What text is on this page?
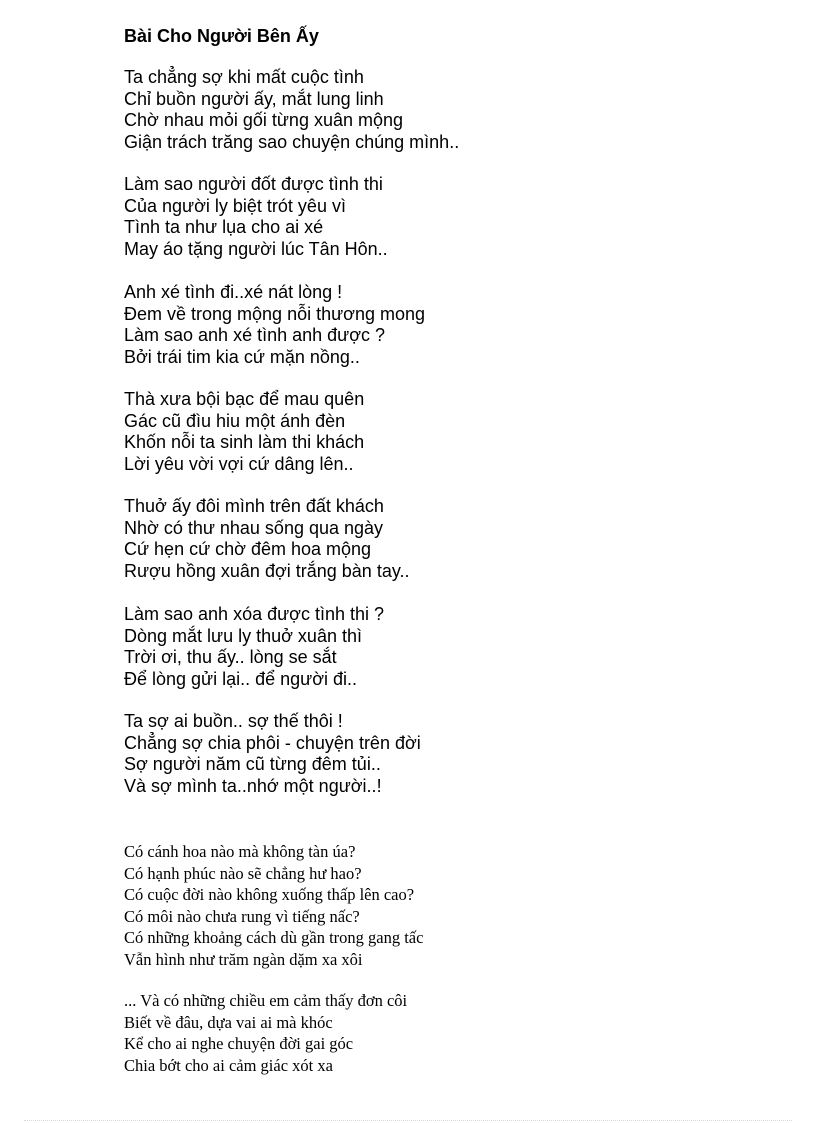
Bài Cho Người Bên Ấy
Ta chẳng sợ khi mất cuộc tình
Chỉ buồn người ấy, mắt lung linh
Chờ nhau mỏi gối từng xuân mộng
Giận trách trăng sao chuyện chúng mình..
Làm sao người đốt được tình thi
Của người ly biệt trót yêu vì
Tình ta như lụa cho ai xé
May áo tặng người lúc Tân Hôn..
Anh xé tình đi..xé nát lòng !
Đem về trong mộng nỗi thương mong
Làm sao anh xé tình anh được ?
Bởi trái tim kia cứ mặn nồng..
Thà xưa bội bạc để mau quên
Gác cũ đìu hiu một ánh đèn
Khốn nỗi ta sinh làm thi khách
Lời yêu vời vợi cứ dâng lên..
Thuở ấy đôi mình trên đất khách
Nhờ có thư nhau sống qua ngày
Cứ hẹn cứ chờ đêm hoa mộng
Rượu hồng xuân đợi trắng bàn tay..
Làm sao anh xóa được tình thi ?
Dòng mắt lưu ly thuở xuân thì
Trời ơi, thu ấy.. lòng se sắt
Để lòng gửi lại.. để người đi..
Ta sợ ai buồn.. sợ thế thôi !
Chẳng sợ chia phôi - chuyện trên đời
Sợ người năm cũ từng đêm tủi..
Và sợ mình ta..nhớ một người..!
Có cánh hoa nào mà không tàn úa?
Có hạnh phúc nào sẽ chẳng hư hao?
Có cuộc đời nào không xuống thấp lên cao?
Có môi nào chưa rung vì tiếng nấc?
Có những khoảng cách dù gần trong gang tấc
Vẫn hình như trăm ngàn dặm xa xôi
... Và có những chiều em cảm thấy đơn côi
Biết về đâu, dựa vai ai mà khóc
Kể cho ai nghe chuyện đời gai góc
Chia bớt cho ai cảm giác xót xa
